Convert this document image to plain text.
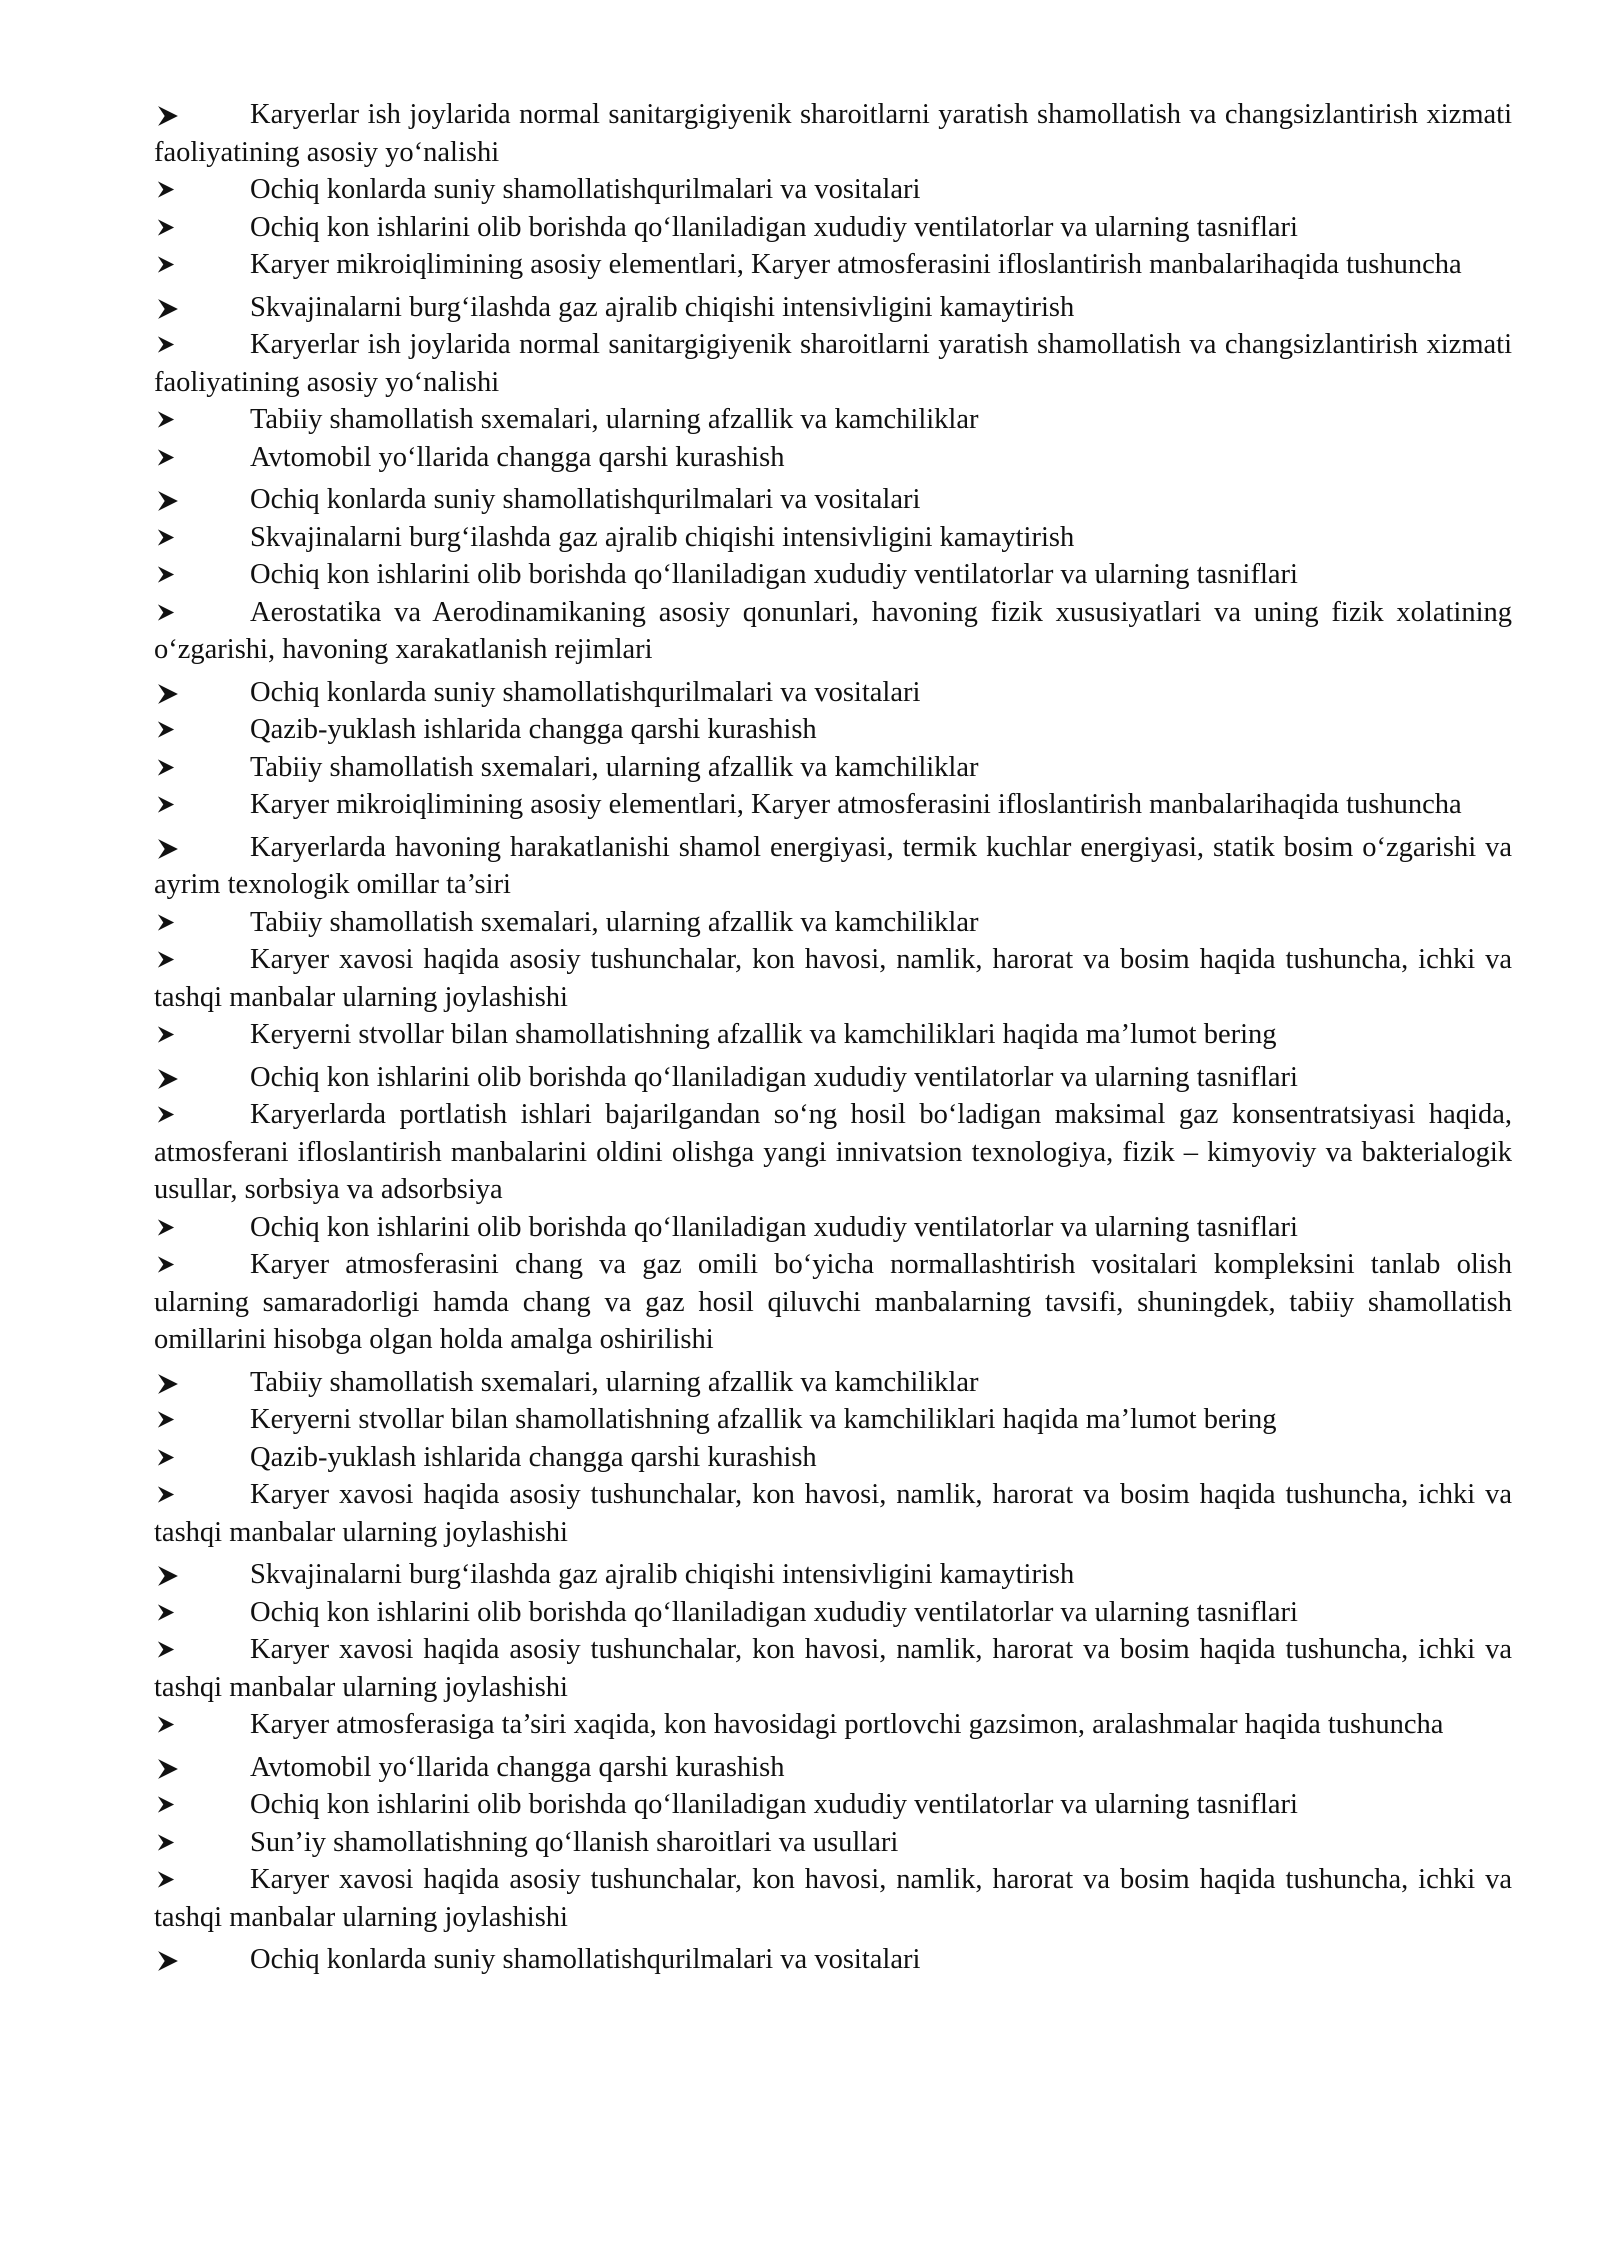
Karyerlar ish joylarida normal sanitargigiyenik sharoitlarni yaratish shamollatish va changsizlantirish xizmati faoliyatining asosiy yo‘nalishi
Ochiq konlarda suniy shamollatishqurilmalari va vositalari
Ochiq kon ishlarini olib borishda qo‘llaniladigan xududiy ventilatorlar va ularning tasniflari
Karyer mikroiqlimining asosiy elementlari, Karyer atmosferasini ifloslantirish manbalarihaqida tushuncha
Skvajinalarni burg‘ilashda gaz ajralib chiqishi intensivligini kamaytirish
Karyerlar ish joylarida normal sanitargigiyenik sharoitlarni yaratish shamollatish va changsizlantirish xizmati faoliyatining asosiy yo‘nalishi
Tabiiy shamollatish sxemalari, ularning afzallik va kamchiliklar
Avtomobil yo‘llarida changga qarshi kurashish
Ochiq konlarda suniy shamollatishqurilmalari va vositalari
Skvajinalarni burg‘ilashda gaz ajralib chiqishi intensivligini kamaytirish
Ochiq kon ishlarini olib borishda qo‘llaniladigan xududiy ventilatorlar va ularning tasniflari
Aerostatika va Aerodinamikaning asosiy qonunlari, havoning fizik xususiyatlari va uning fizik xolatining o‘zgarishi, havoning xarakatlanish rejimlari
Ochiq konlarda suniy shamollatishqurilmalari va vositalari
Qazib-yuklash ishlarida changga qarshi kurashish
Tabiiy shamollatish sxemalari, ularning afzallik va kamchiliklar
Karyer mikroiqlimining asosiy elementlari, Karyer atmosferasini ifloslantirish manbalarihaqida tushuncha
Karyerlarda havoning harakatlanishi shamol energiyasi, termik kuchlar energiyasi, statik bosim o‘zgarishi va ayrim texnologik omillar ta’siri
Tabiiy shamollatish sxemalari, ularning afzallik va kamchiliklar
Karyer xavosi haqida asosiy tushunchalar, kon havosi, namlik, harorat va bosim haqida tushuncha, ichki va tashqi manbalar ularning joylashishi
Keryerni stvollar bilan shamollatishning afzallik va kamchiliklari haqida ma’lumot bering
Ochiq kon ishlarini olib borishda qo‘llaniladigan xududiy ventilatorlar va ularning tasniflari
Karyerlarda portlatish ishlari bajarilgandan so‘ng hosil bo‘ladigan maksimal gaz konsentratsiyasi haqida, atmosferani ifloslantirish manbalarini oldini olishga yangi innivatsion texnologiya, fizik – kimyoviy va bakterialogik usullar, sorbsiya va adsorbsiya
Ochiq kon ishlarini olib borishda qo‘llaniladigan xududiy ventilatorlar va ularning tasniflari
Karyer atmosferasini chang va gaz omili bo‘yicha normallashtirish vositalari kompleksini tanlab olish ularning samaradorligi hamda chang va gaz hosil qiluvchi manbalarning tavsifi, shuningdek, tabiiy shamollatish omillarini hisobga olgan holda amalga oshirilishi
Tabiiy shamollatish sxemalari, ularning afzallik va kamchiliklar
Keryerni stvollar bilan shamollatishning afzallik va kamchiliklari haqida ma’lumot bering
Qazib-yuklash ishlarida changga qarshi kurashish
Karyer xavosi haqida asosiy tushunchalar, kon havosi, namlik, harorat va bosim haqida tushuncha, ichki va tashqi manbalar ularning joylashishi
Skvajinalarni burg‘ilashda gaz ajralib chiqishi intensivligini kamaytirish
Ochiq kon ishlarini olib borishda qo‘llaniladigan xududiy ventilatorlar va ularning tasniflari
Karyer xavosi haqida asosiy tushunchalar, kon havosi, namlik, harorat va bosim haqida tushuncha, ichki va tashqi manbalar ularning joylashishi
Karyer atmosferasiga ta’siri xaqida, kon havosidagi portlovchi gazsimon, aralashmalar haqida tushuncha
Avtomobil yo‘llarida changga qarshi kurashish
Ochiq kon ishlarini olib borishda qo‘llaniladigan xududiy ventilatorlar va ularning tasniflari
Sun’iy shamollatishning qo‘llanish sharoitlari va usullari
Karyer xavosi haqida asosiy tushunchalar, kon havosi, namlik, harorat va bosim haqida tushuncha, ichki va tashqi manbalar ularning joylashishi
Ochiq konlarda suniy shamollatishqurilmalari va vositalari
